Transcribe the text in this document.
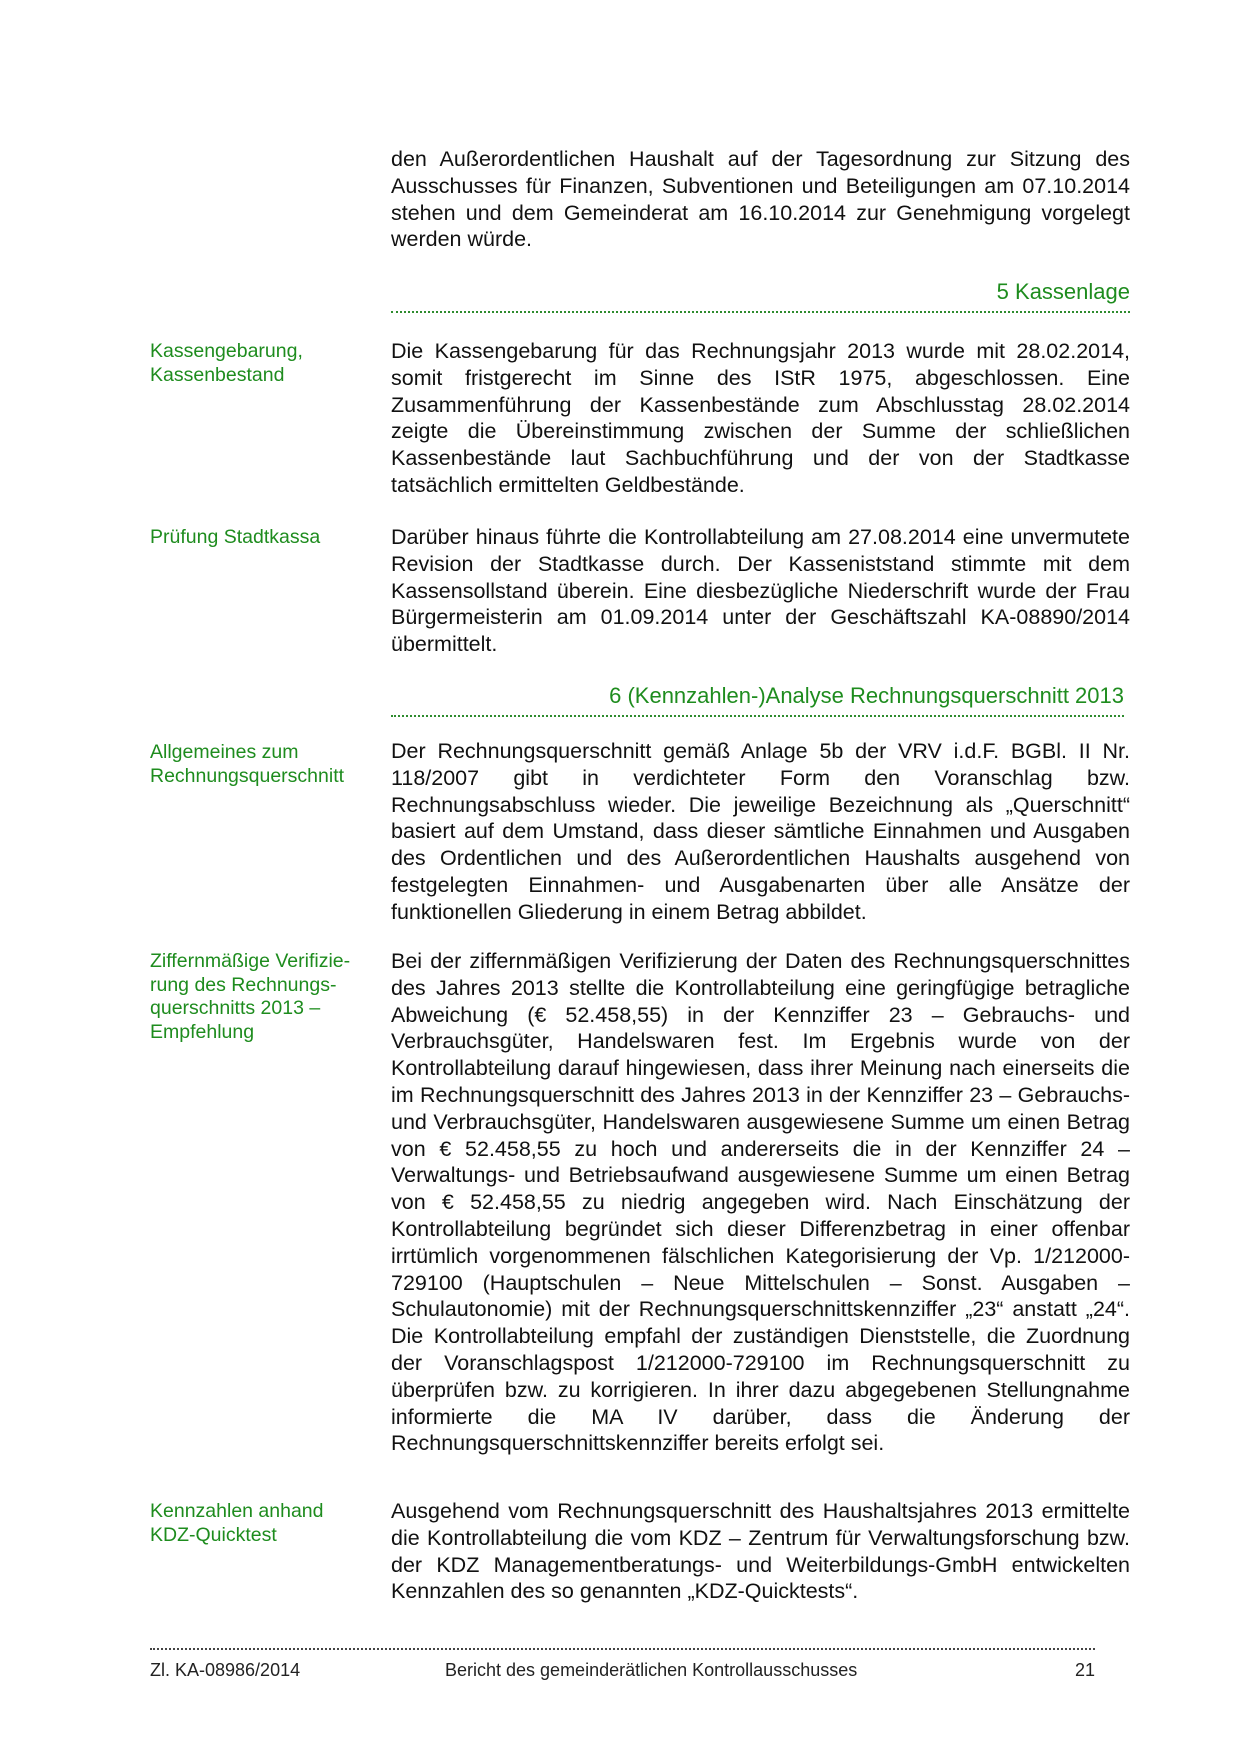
den Außerordentlichen Haushalt auf der Tagesordnung zur Sitzung des Ausschusses für Finanzen, Subventionen und Beteiligungen am 07.10.2014 stehen und dem Gemeinderat am 16.10.2014 zur Genehmigung vorgelegt werden würde.

5 Kassenlage
Kassengebarung,
Kassenbestand

Die Kassengebarung für das Rechnungsjahr 2013 wurde mit 28.02.2014, somit fristgerecht im Sinne des IStR 1975, abgeschlossen. Eine Zusammenführung der Kassenbestände zum Abschlusstag 28.02.2014 zeigte die Übereinstimmung zwischen der Summe der schließlichen Kassenbestände laut Sachbuchführung und der von der Stadtkasse tatsächlich ermittelten Geldbestände.

Prüfung Stadtkassa	Darüber hinaus führte die Kontrollabteilung am 27.08.2014 eine unvermutete Revision der Stadtkasse durch. Der Kasseniststand stimmte mit dem Kassensollstand überein. Eine diesbezügliche Niederschrift wurde der Frau Bürgermeisterin am 01.09.2014 unter der Geschäftszahl KA-08890/2014 übermittelt.

6 (Kennzahlen-)Analyse Rechnungsquerschnitt 2013
Allgemeines zum
Rechnungsquerschnitt

Der Rechnungsquerschnitt gemäß Anlage 5b der VRV i.d.F. BGBl. II Nr. 118/2007 gibt in verdichteter Form den Voranschlag bzw. Rechnungsabschluss wieder. Die jeweilige Bezeichnung als „Querschnitt“ basiert auf dem Umstand, dass dieser sämtliche Einnahmen und Ausgaben des Ordentlichen und des Außerordentlichen Haushalts ausgehend von festgelegten Einnahmen- und Ausgabenarten über alle Ansätze der funktionellen Gliederung in einem Betrag abbildet.

Ziffernmäßige Verifizie-
rung des Rechnungs-
querschnitts 2013 –
Empfehlung

Bei der ziffernmäßigen Verifizierung der Daten des Rechnungsquerschnittes des Jahres 2013 stellte die Kontrollabteilung eine geringfügige betragliche Abweichung (€ 52.458,55) in der Kennziffer 23 – Gebrauchs- und Verbrauchsgüter, Handelswaren fest. Im Ergebnis wurde von der Kontrollabteilung darauf hingewiesen, dass ihrer Meinung nach einerseits die im Rechnungsquerschnitt des Jahres 2013 in der Kennziffer 23 – Gebrauchs- und Verbrauchsgüter, Handelswaren ausgewiesene Summe um einen Betrag von € 52.458,55 zu hoch und andererseits die in der Kennziffer 24 – Verwaltungs- und Betriebsaufwand ausgewiesene Summe um einen Betrag von € 52.458,55 zu niedrig angegeben wird. Nach Einschätzung der Kontrollabteilung begründet sich dieser Differenzbetrag in einer offenbar irrtümlich vorgenommenen fälschlichen Kategorisierung der Vp. 1/212000-729100 (Hauptschulen – Neue Mittelschulen – Sonst. Ausgaben – Schulautonomie) mit der Rechnungsquerschnittskennziffer „23“ anstatt „24“. Die Kontrollabteilung empfahl der zuständigen Dienststelle, die Zuordnung der Voranschlagspost 1/212000-729100 im Rechnungsquerschnitt zu überprüfen bzw. zu korrigieren. In ihrer dazu abgegebenen Stellungnahme informierte die MA IV darüber, dass die Änderung der Rechnungsquerschnittskennziffer bereits erfolgt sei.

Kennzahlen anhand
KDZ-Quicktest

Ausgehend vom Rechnungsquerschnitt des Haushaltsjahres 2013 ermittelte die Kontrollabteilung die vom KDZ – Zentrum für Verwaltungsforschung bzw. der KDZ Managementberatungs- und Weiterbildungs-GmbH entwickelten Kennzahlen des so genannten „KDZ-Quicktests“.

Zl. KA-08986/2014	Bericht des gemeinderätlichen Kontrollausschusses	21
